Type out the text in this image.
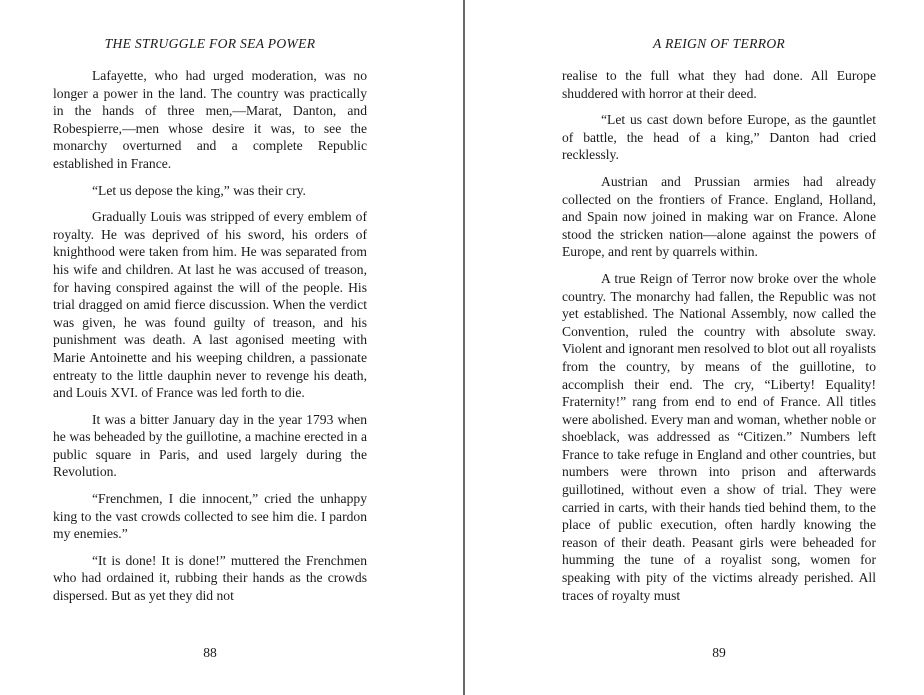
THE STRUGGLE FOR SEA POWER

Lafayette, who had urged moderation, was no longer a power in the land. The country was practically in the hands of three men,—Marat, Danton, and Robespierre,—men whose desire it was, to see the monarchy overturned and a complete Republic established in France.

“Let us depose the king,” was their cry.

Gradually Louis was stripped of every emblem of royalty. He was deprived of his sword, his orders of knighthood were taken from him. He was separated from his wife and children. At last he was accused of treason, for having conspired against the will of the people. His trial dragged on amid fierce discussion. When the verdict was given, he was found guilty of treason, and his punishment was death. A last agonised meeting with Marie Antoinette and his weeping children, a passionate entreaty to the little dauphin never to revenge his death, and Louis XVI. of France was led forth to die.

It was a bitter January day in the year 1793 when he was beheaded by the guillotine, a machine erected in a public square in Paris, and used largely during the Revolution.

“Frenchmen, I die innocent,” cried the unhappy king to the vast crowds collected to see him die. I pardon my enemies.”

“It is done! It is done!” muttered the Frenchmen who had ordained it, rubbing their hands as the crowds dispersed. But as yet they did not

88
A REIGN OF TERROR

realise to the full what they had done. All Europe shuddered with horror at their deed.

“Let us cast down before Europe, as the gauntlet of battle, the head of a king,” Danton had cried recklessly.

Austrian and Prussian armies had already collected on the frontiers of France. England, Holland, and Spain now joined in making war on France. Alone stood the stricken nation—alone against the powers of Europe, and rent by quarrels within.

A true Reign of Terror now broke over the whole country. The monarchy had fallen, the Republic was not yet established. The National Assembly, now called the Convention, ruled the country with absolute sway. Violent and ignorant men resolved to blot out all royalists from the country, by means of the guillotine, to accomplish their end. The cry, “Liberty! Equality! Fraternity!” rang from end to end of France. All titles were abolished. Every man and woman, whether noble or shoeblack, was addressed as “Citizen.” Numbers left France to take refuge in England and other countries, but numbers were thrown into prison and afterwards guillotined, without even a show of trial. They were carried in carts, with their hands tied behind them, to the place of public execution, often hardly knowing the reason of their death. Peasant girls were beheaded for humming the tune of a royalist song, women for speaking with pity of the victims already perished. All traces of royalty must

89
